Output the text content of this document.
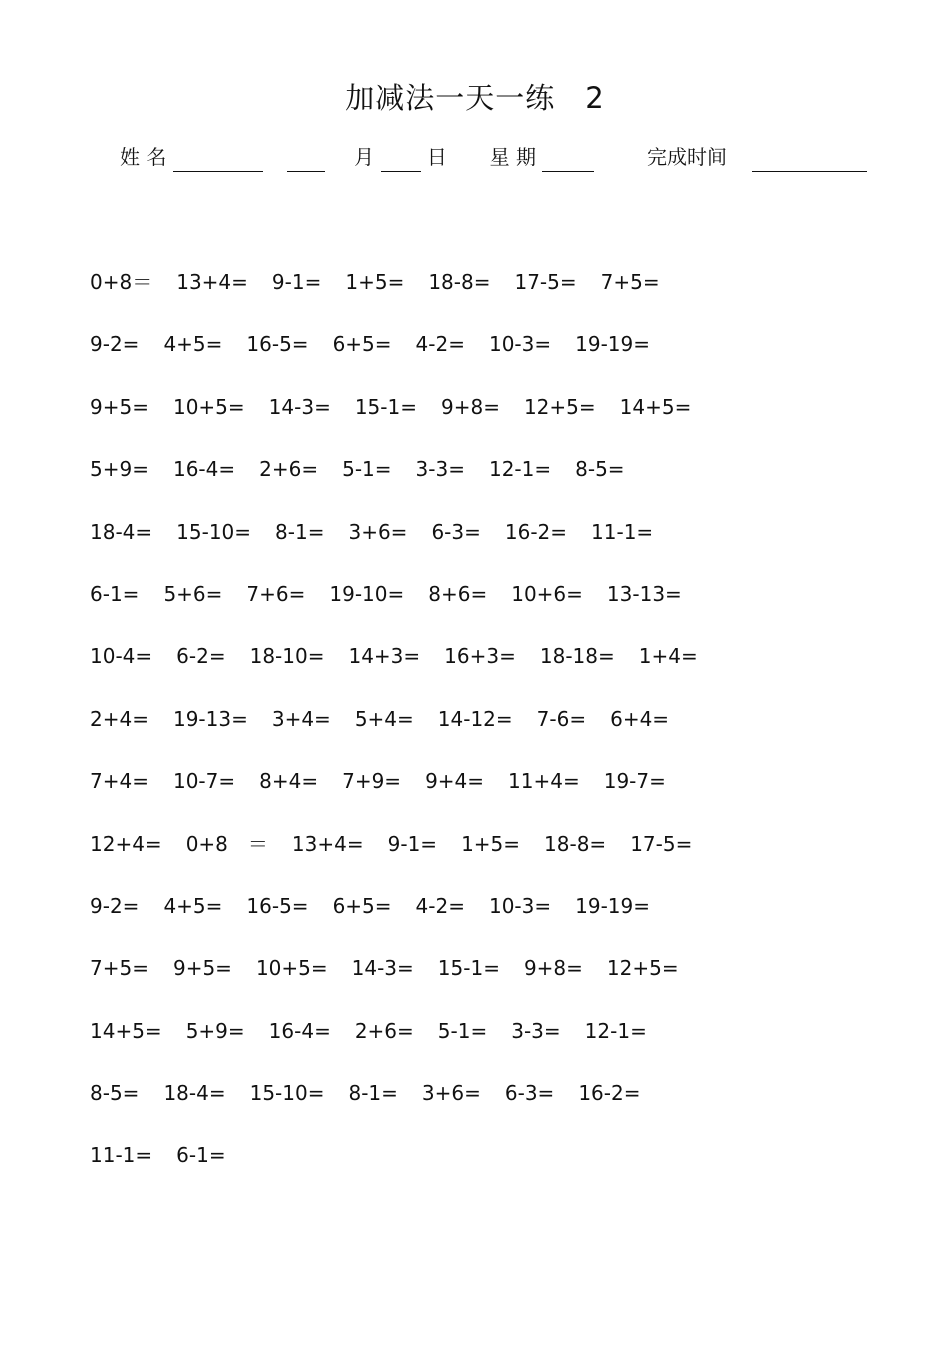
加减法一天一练　2
姓 名	月	日 星 期	完成时间
0+8＝ 13+4= 9-1= 1+5= 18-8= 17-5= 7+5=
9-2= 4+5= 16-5= 6+5= 4-2= 10-3= 19-19=
9+5= 10+5= 14-3= 15-1= 9+8= 12+5= 14+5=
5+9= 16-4= 2+6= 5-1= 3-3= 12-1= 8-5=
18-4= 15-10= 8-1= 3+6= 6-3= 16-2= 11-1=
6-1= 5+6= 7+6= 19-10= 8+6= 10+6= 13-13=
10-4= 6-2= 18-10= 14+3= 16+3= 18-18= 1+4=
2+4= 19-13= 3+4= 5+4= 14-12= 7-6= 6+4=
7+4= 10-7= 8+4= 7+9= 9+4= 11+4= 19-7=
12+4= 0+8　＝ 13+4= 9-1= 1+5= 18-8= 17-5=
9-2= 4+5= 16-5= 6+5= 4-2= 10-3= 19-19=
7+5= 9+5= 10+5= 14-3= 15-1= 9+8= 12+5=
14+5= 5+9= 16-4= 2+6= 5-1= 3-3= 12-1=
8-5= 18-4= 15-10= 8-1= 3+6= 6-3= 16-2=
11-1= 6-1=
